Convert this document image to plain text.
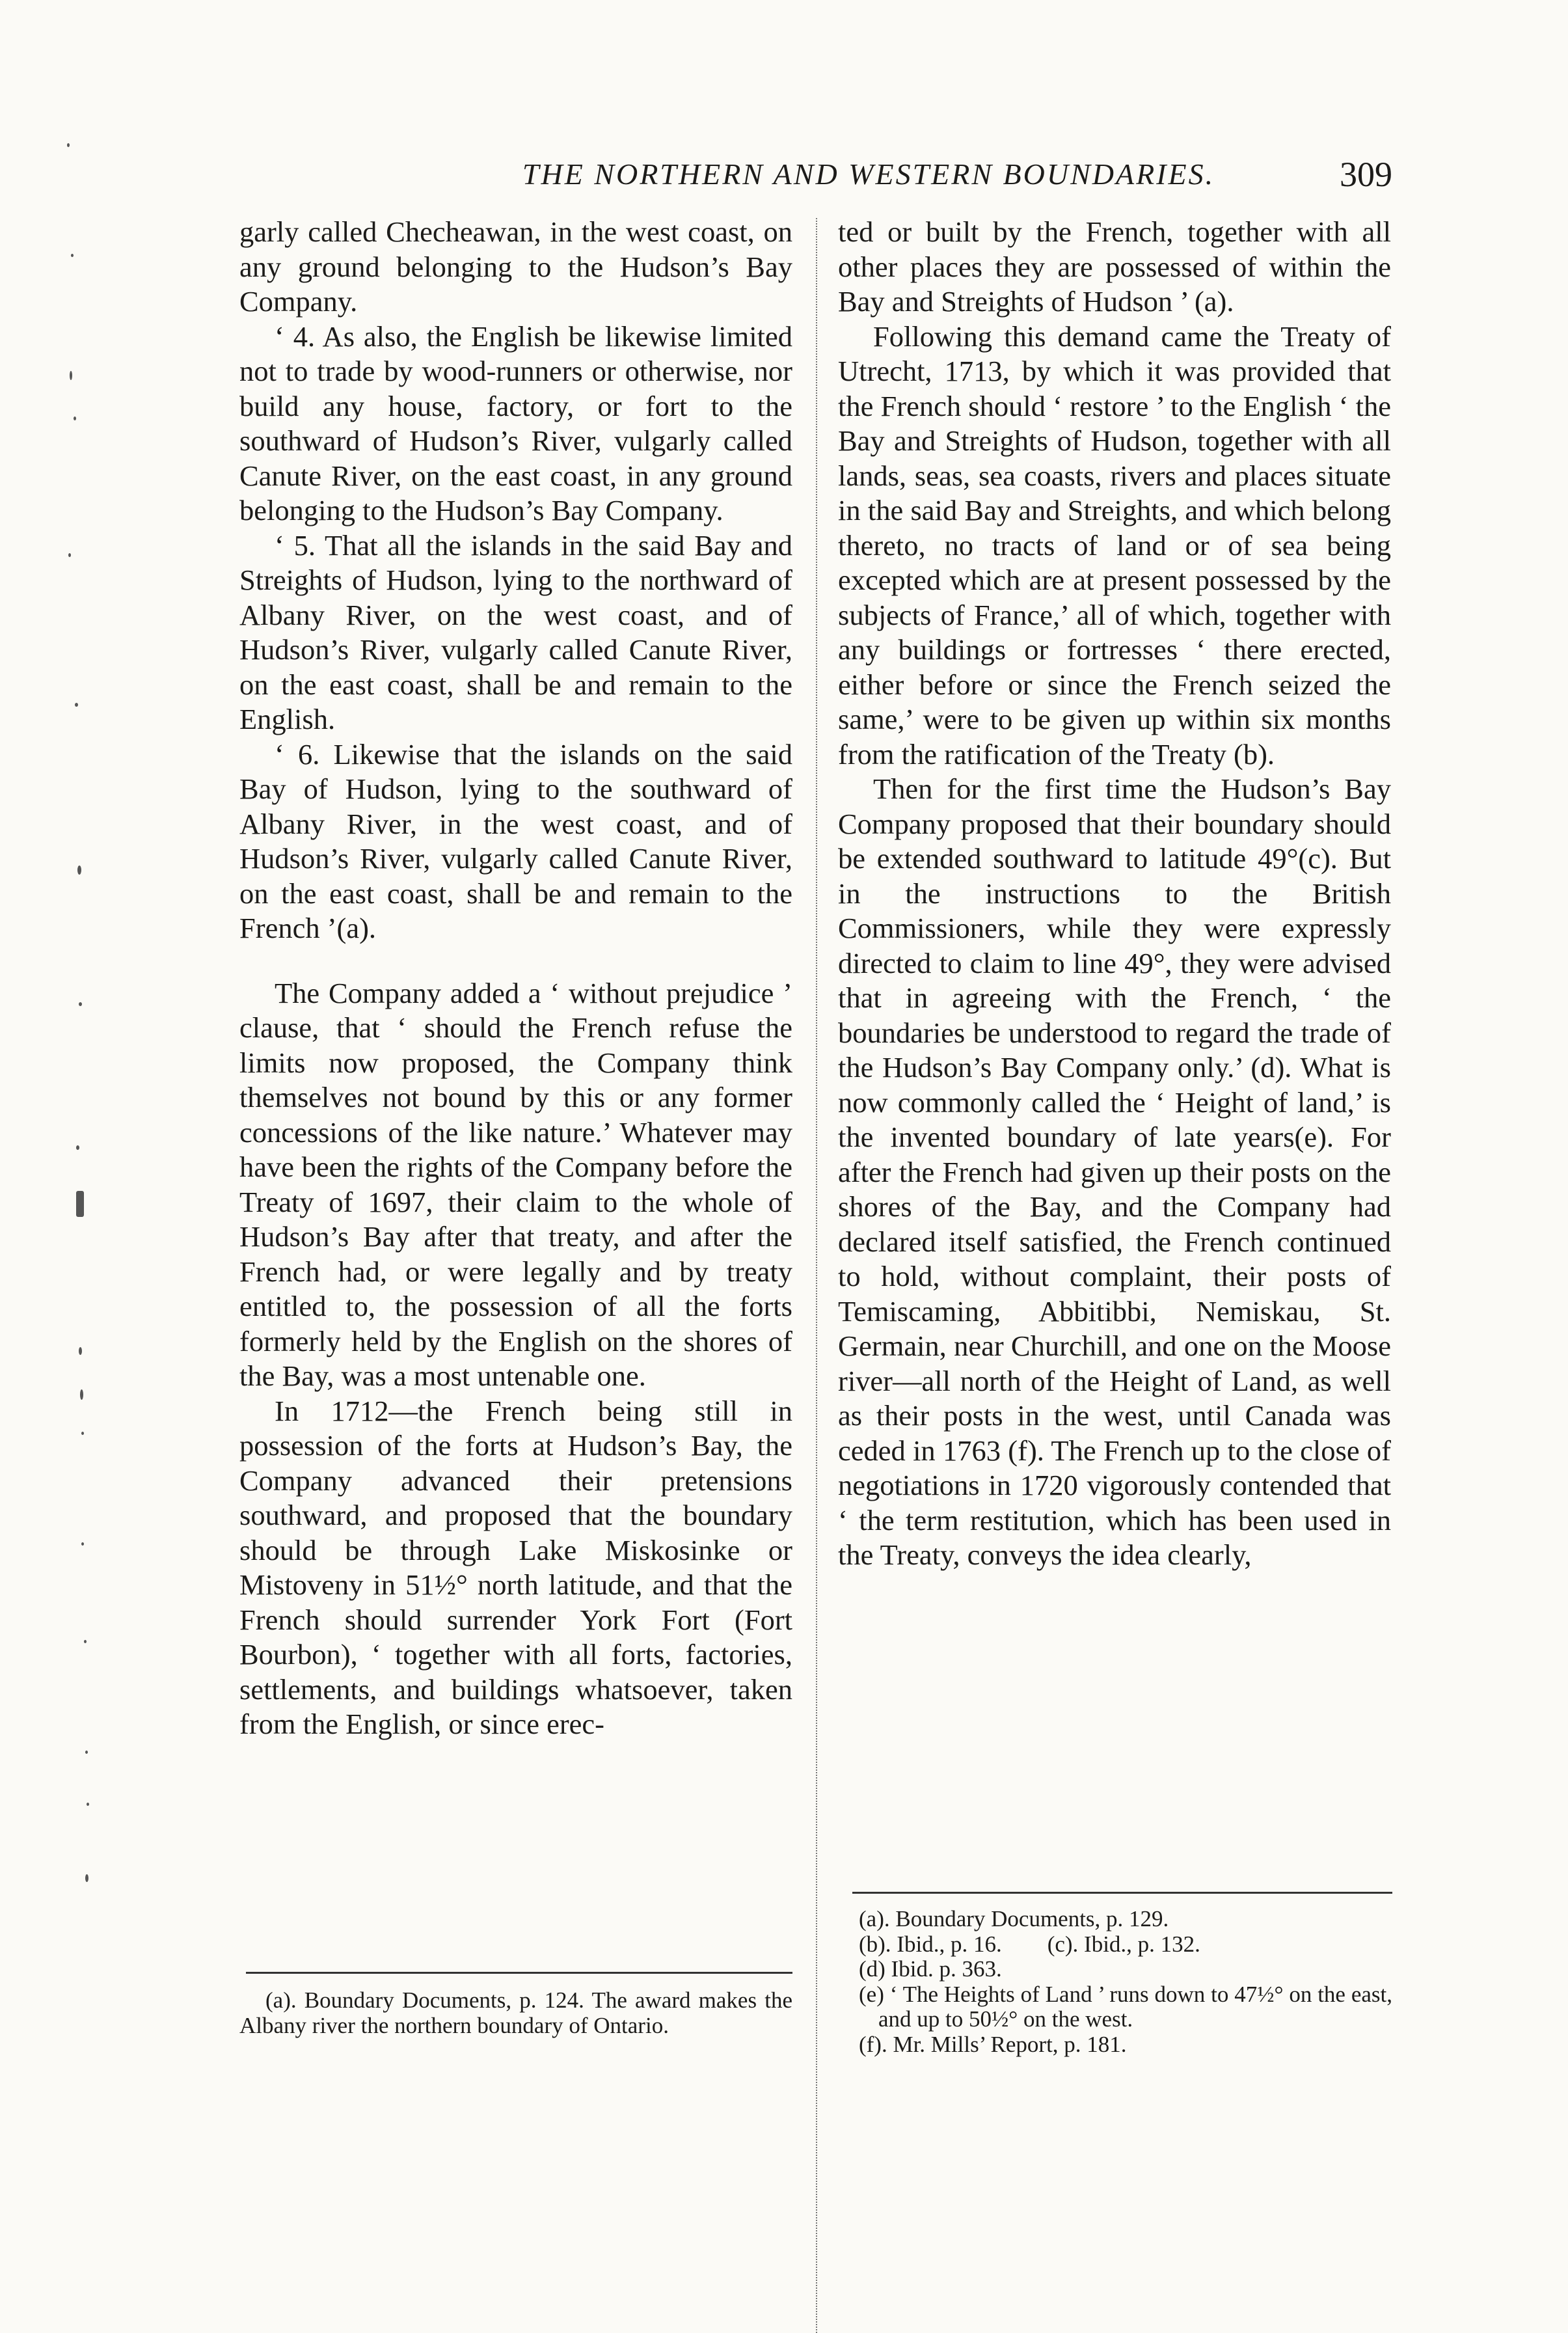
THE NORTHERN AND WESTERN BOUNDARIES.	309

garly called Checheawan, in the west coast, on any ground belonging to the Hudson’s Bay Company.

‘ 4. As also, the English be likewise limited not to trade by wood-runners or otherwise, nor build any house, factory, or fort to the southward of Hudson’s River, vulgarly called Canute River, on the east coast, in any ground belonging to the Hudson’s Bay Company.

‘ 5. That all the islands in the said Bay and Streights of Hudson, lying to the northward of Albany River, on the west coast, and of Hudson’s River, vulgarly called Canute River, on the east coast, shall be and remain to the English.

‘ 6. Likewise that the islands on the said Bay of Hudson, lying to the southward of Albany River, in the west coast, and of Hudson’s River, vulgarly called Canute River, on the east coast, shall be and remain to the French ’(a).

The Company added a ‘ without prejudice ’ clause, that ‘ should the French refuse the limits now proposed, the Company think themselves not bound by this or any former concessions of the like nature.’ Whatever may have been the rights of the Company before the Treaty of 1697, their claim to the whole of Hudson’s Bay after that treaty, and after the French had, or were legally and by treaty entitled to, the possession of all the forts formerly held by the English on the shores of the Bay, was a most untenable one.

In 1712—the French being still in possession of the forts at Hudson’s Bay, the Company advanced their pretensions southward, and proposed that the boundary should be through Lake Miskosinke or Mistoveny in 51½° north latitude, and that the French should surrender York Fort (Fort Bourbon), ‘ together with all forts, factories, settlements, and buildings whatsoever, taken from the English, or since erec-

ted or built by the French, together with all other places they are possessed of within the Bay and Streights of Hudson ’ (a).

Following this demand came the Treaty of Utrecht, 1713, by which it was provided that the French should ‘ restore ’ to the English ‘ the Bay and Streights of Hudson, together with all lands, seas, sea coasts, rivers and places situate in the said Bay and Streights, and which belong thereto, no tracts of land or of sea being excepted which are at present possessed by the subjects of France,’ all of which, together with any buildings or fortresses ‘ there erected, either before or since the French seized the same,’ were to be given up within six months from the ratification of the Treaty (b).

Then for the first time the Hudson’s Bay Company proposed that their boundary should be extended southward to latitude 49°(c). But in the instructions to the British Commissioners, while they were expressly directed to claim to line 49°, they were advised that in agreeing with the French, ‘ the boundaries be understood to regard the trade of the Hudson’s Bay Company only.’ (d). What is now commonly called the ‘ Height of land,’ is the invented boundary of late years(e). For after the French had given up their posts on the shores of the Bay, and the Company had declared itself satisfied, the French continued to hold, without complaint, their posts of Temiscaming, Abbitibbi, Nemiskau, St. Germain, near Churchill, and one on the Moose river—all north of the Height of Land, as well as their posts in the west, until Canada was ceded in 1763 (f). The French up to the close of negotiations in 1720 vigorously contended that ‘ the term restitution, which has been used in the Treaty, conveys the idea clearly,

(a). Boundary Documents, p. 124. The award makes the Albany river the northern boundary of Ontario.

(a). Boundary Documents, p. 129.

(b). Ibid., p. 16.        (c). Ibid., p. 132.

(d) Ibid. p. 363.

(e) ‘ The Heights of Land ’ runs down to 47½° on the east, and up to 50½° on the west.

(f). Mr. Mills’ Report, p. 181.
